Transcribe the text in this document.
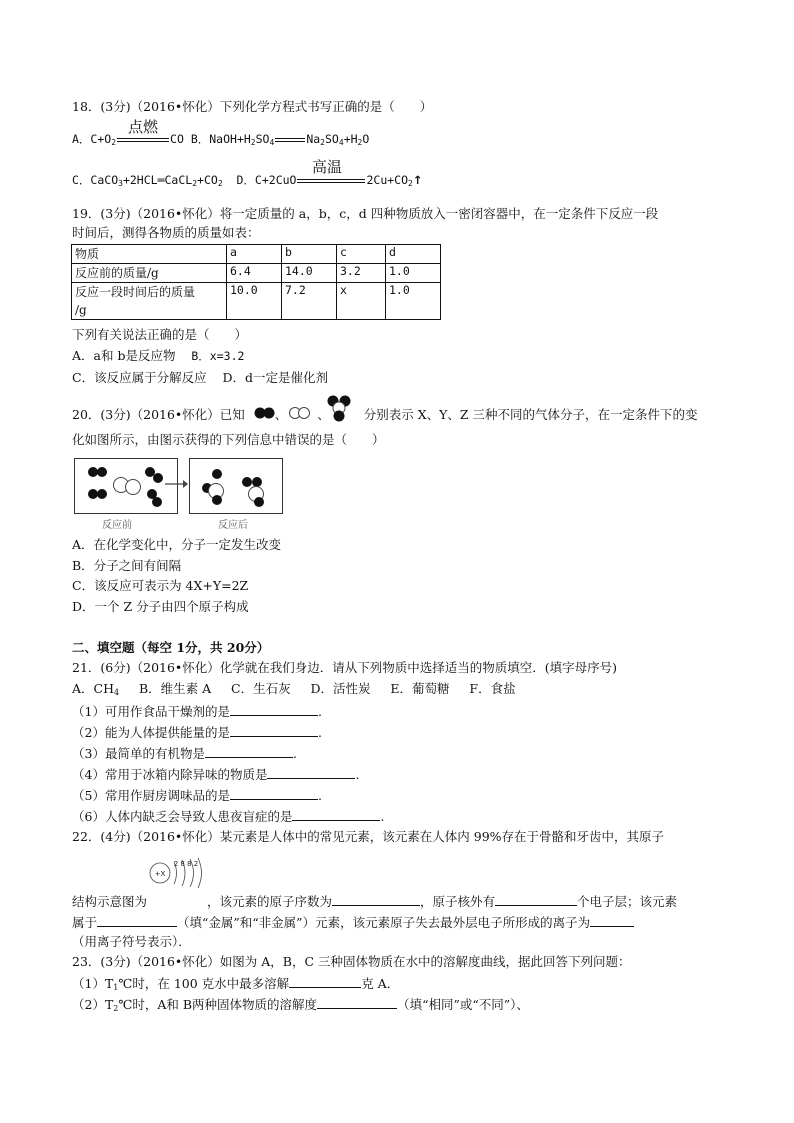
18．(3分)（2016•怀化）下列化学方程式书写正确的是（　　）
A．$C+O_2$	CO B．$NaOH+H_2SO_4$	$Na_2SO_4+H_2O$
点燃
C．$CaCO_3+2HCL═CaCL_2+CO_2$ D．C+2CuO	$2Cu+CO_2↑$
高温
19．(3分)（2016•怀化）将一定质量的 a，b，c，d 四种物质放入一密闭容器中，在一定条件下反应一段
时间后，测得各物质的质量如表：
物质	a	b	c	d
反应前的质量/g	6.4	14.0	3.2	1.0

反应一段时间后的质量
/g	10.0	7.2	x	1.0
下列有关说法正确的是（　　）
A．a和 b是反应物 B．x=3.2
C．该反应属于分解反应 D．d一定是催化剂
20．(3分)（2016•怀化）已知 、 、	分别表示 X、Y、Z 三种不同的气体分子，在一定条件下的变
化如图所示，由图示获得的下列信息中错误的是（　　）
反应前	反应后
A．在化学变化中，分子一定发生改变
B．分子之间有间隔
C．该反应可表示为 4X+Y=2Z
D．一个 Z 分子由四个原子构成
二、填空题（每空 1分，共 20分）
21．(6分)（2016•怀化）化学就在我们身边．请从下列物质中选择适当的物质填空．(填字母序号)
A．$CH_4$ B．维生素 A C．生石灰 D．活性炭 E．葡萄糖 F．食盐
（1）可用作食品干燥剂的是	.
（2）能为人体提供能量的是	.
（3）最简单的有机物是	.
（4）常用于冰箱内除异味的物质是	.
（5）常用作厨房调味品的是	.
（6）人体内缺乏会导致人患夜盲症的是	.
22．(4分)（2016•怀化）某元素是人体中的常见元素，该元素在人体内 99%存在于骨骼和牙齿中，其原子
+X
2 8 8 2
结构示意图为	，该元素的原子序数为	，原子核外有	个电子层；该元素
属于	（填“金属”和“非金属”）元素，该元素原子失去最外层电子所形成的离子为
（用离子符号表示）．
23．(3分)（2016•怀化）如图为 A，B，C 三种固体物质在水中的溶解度曲线，据此回答下列问题：
$(1)T_1℃$时，在 100 克水中最多溶解	克 A．
$(2)T_2℃$时，A和 B两种固体物质的溶解度	（填“相同”或“不同”）、
